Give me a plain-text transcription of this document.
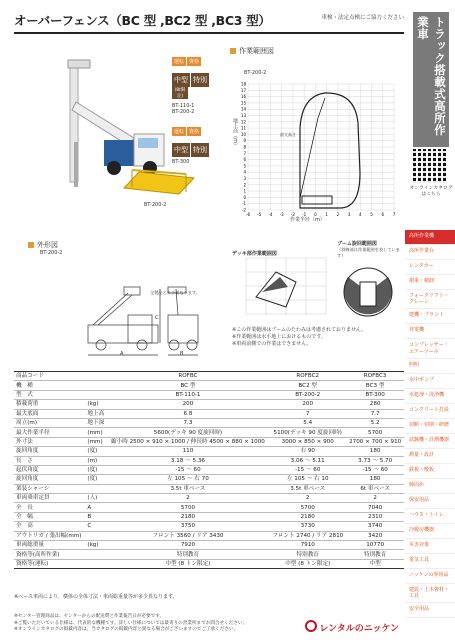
オーバーフェンス（BC 型 ,BC2 型 ,BC3 型）	車検・法定点検にご協力ください
BT-200-2
運転 資格
中型 特別
(8t限定)
BT-110-1
BT-200-2
運転 資格
中型 特別
BT-300
作業範囲図
BT-200-2
18
17
16
15
14
13
12
11
10
9
8
7
6
5
4
3
2
1
0
-1
-2
-6 -5 -4 -3 -2 -1 0 1 2 3 4 5 6 7
地上高（m）
作業半径（m）
最大高さ
デッキ部作業範囲図
ブーム旋回範囲図
（斜線部は作業範囲を表しています）
※この作業範囲はブームのたわみは考慮されておりません。
※作業範囲は水平地上におけるものです。
※車両前側での作業はできません。
外形図
BT-200-2
全製品と多少異なります。
A	B
C
商品コード		ROFBC	ROFBC2	ROFBC3
機　種		BC 型	BC2 型	BC3 型
型　式		BT-110-1	BT-200-2	BT-300
積載荷重	(kg)	200	200	280
最大底面	地上高	6.8	7	7.7
周立(m)	地下深	7.3	5.4	5.2
最大作業半径	(mm)	5600(デッキ 90 度旋回時)	5100(デッキ 90 度旋回時)	5700
外寸法	(mm)	縮小時 2500 × 910 × 1000 / 伸長時 4500 × 880 × 1000	3000 × 850 × 900	2700 × 700 × 910
旋回角度	(度)	110	右 90	180
長　さ	(m)	3.18 ～ 5.36	3.06 ～ 5.11	3.73 ～ 5.70
起伏角度	(度)	-15 ～ 60	-15 ～ 60	-15 ～ 60
旋回角度	(度)	左 105 ～ 右 70	左 105 ～ 右 10	180
架装シャーシ		3.5t 車ベース	3.5t 車ベース	6t 車ベース
車両乗車定員	(人)	2	2	2
全　長	A	5700	5700	7040
全　幅	B	2180	2180	2310
全　高	C	3750	3730	3740
アウトリガ / 張出幅(mm)		フロント 3560 / リア 3430	フロント 2740 / リア 2810	3420
車両総重量	(kg)	7920	7910	10770
資格等(高所作業)		特別教育	特別教育	特別教育
資格等(運転)		中型 (8 トン限定)	中型 (8 トン限定)	中型
※ベース車両により、横体の全体寸法・車両総重量等が多少異なります。
※センター管理商品は、センターからの配送費と作業報告日が必要です。
※ご覧いただいている仕様は、代表的な機種です。詳しい仕様については最寄りの営業所までお問合せください。
※オンラインカタログの掲載内容は、当カタログの掲載内容と異なる場合がございますのでご了承ください。	レンタルのニッケン
トラック搭載式高所作業車
オンラインカタログはこちら
高所作業機
高所作業台
レンタカー
揚重・積卸
フォークリフト・クレーン
建機・プラント
発電機
コンプレッサー・エアーツール
照明
水中ポンプ
水処理・洗浄機
コンクリート打設
切断・切削・研磨
試験機・計測機器
測量・設計
鉄板・敷板
締固め
保安用品
ハウス・トイレ
冷暖房機器
災害対策
電気工具
ニッケンの専用品
建設・土木資材・工具
安全用品
